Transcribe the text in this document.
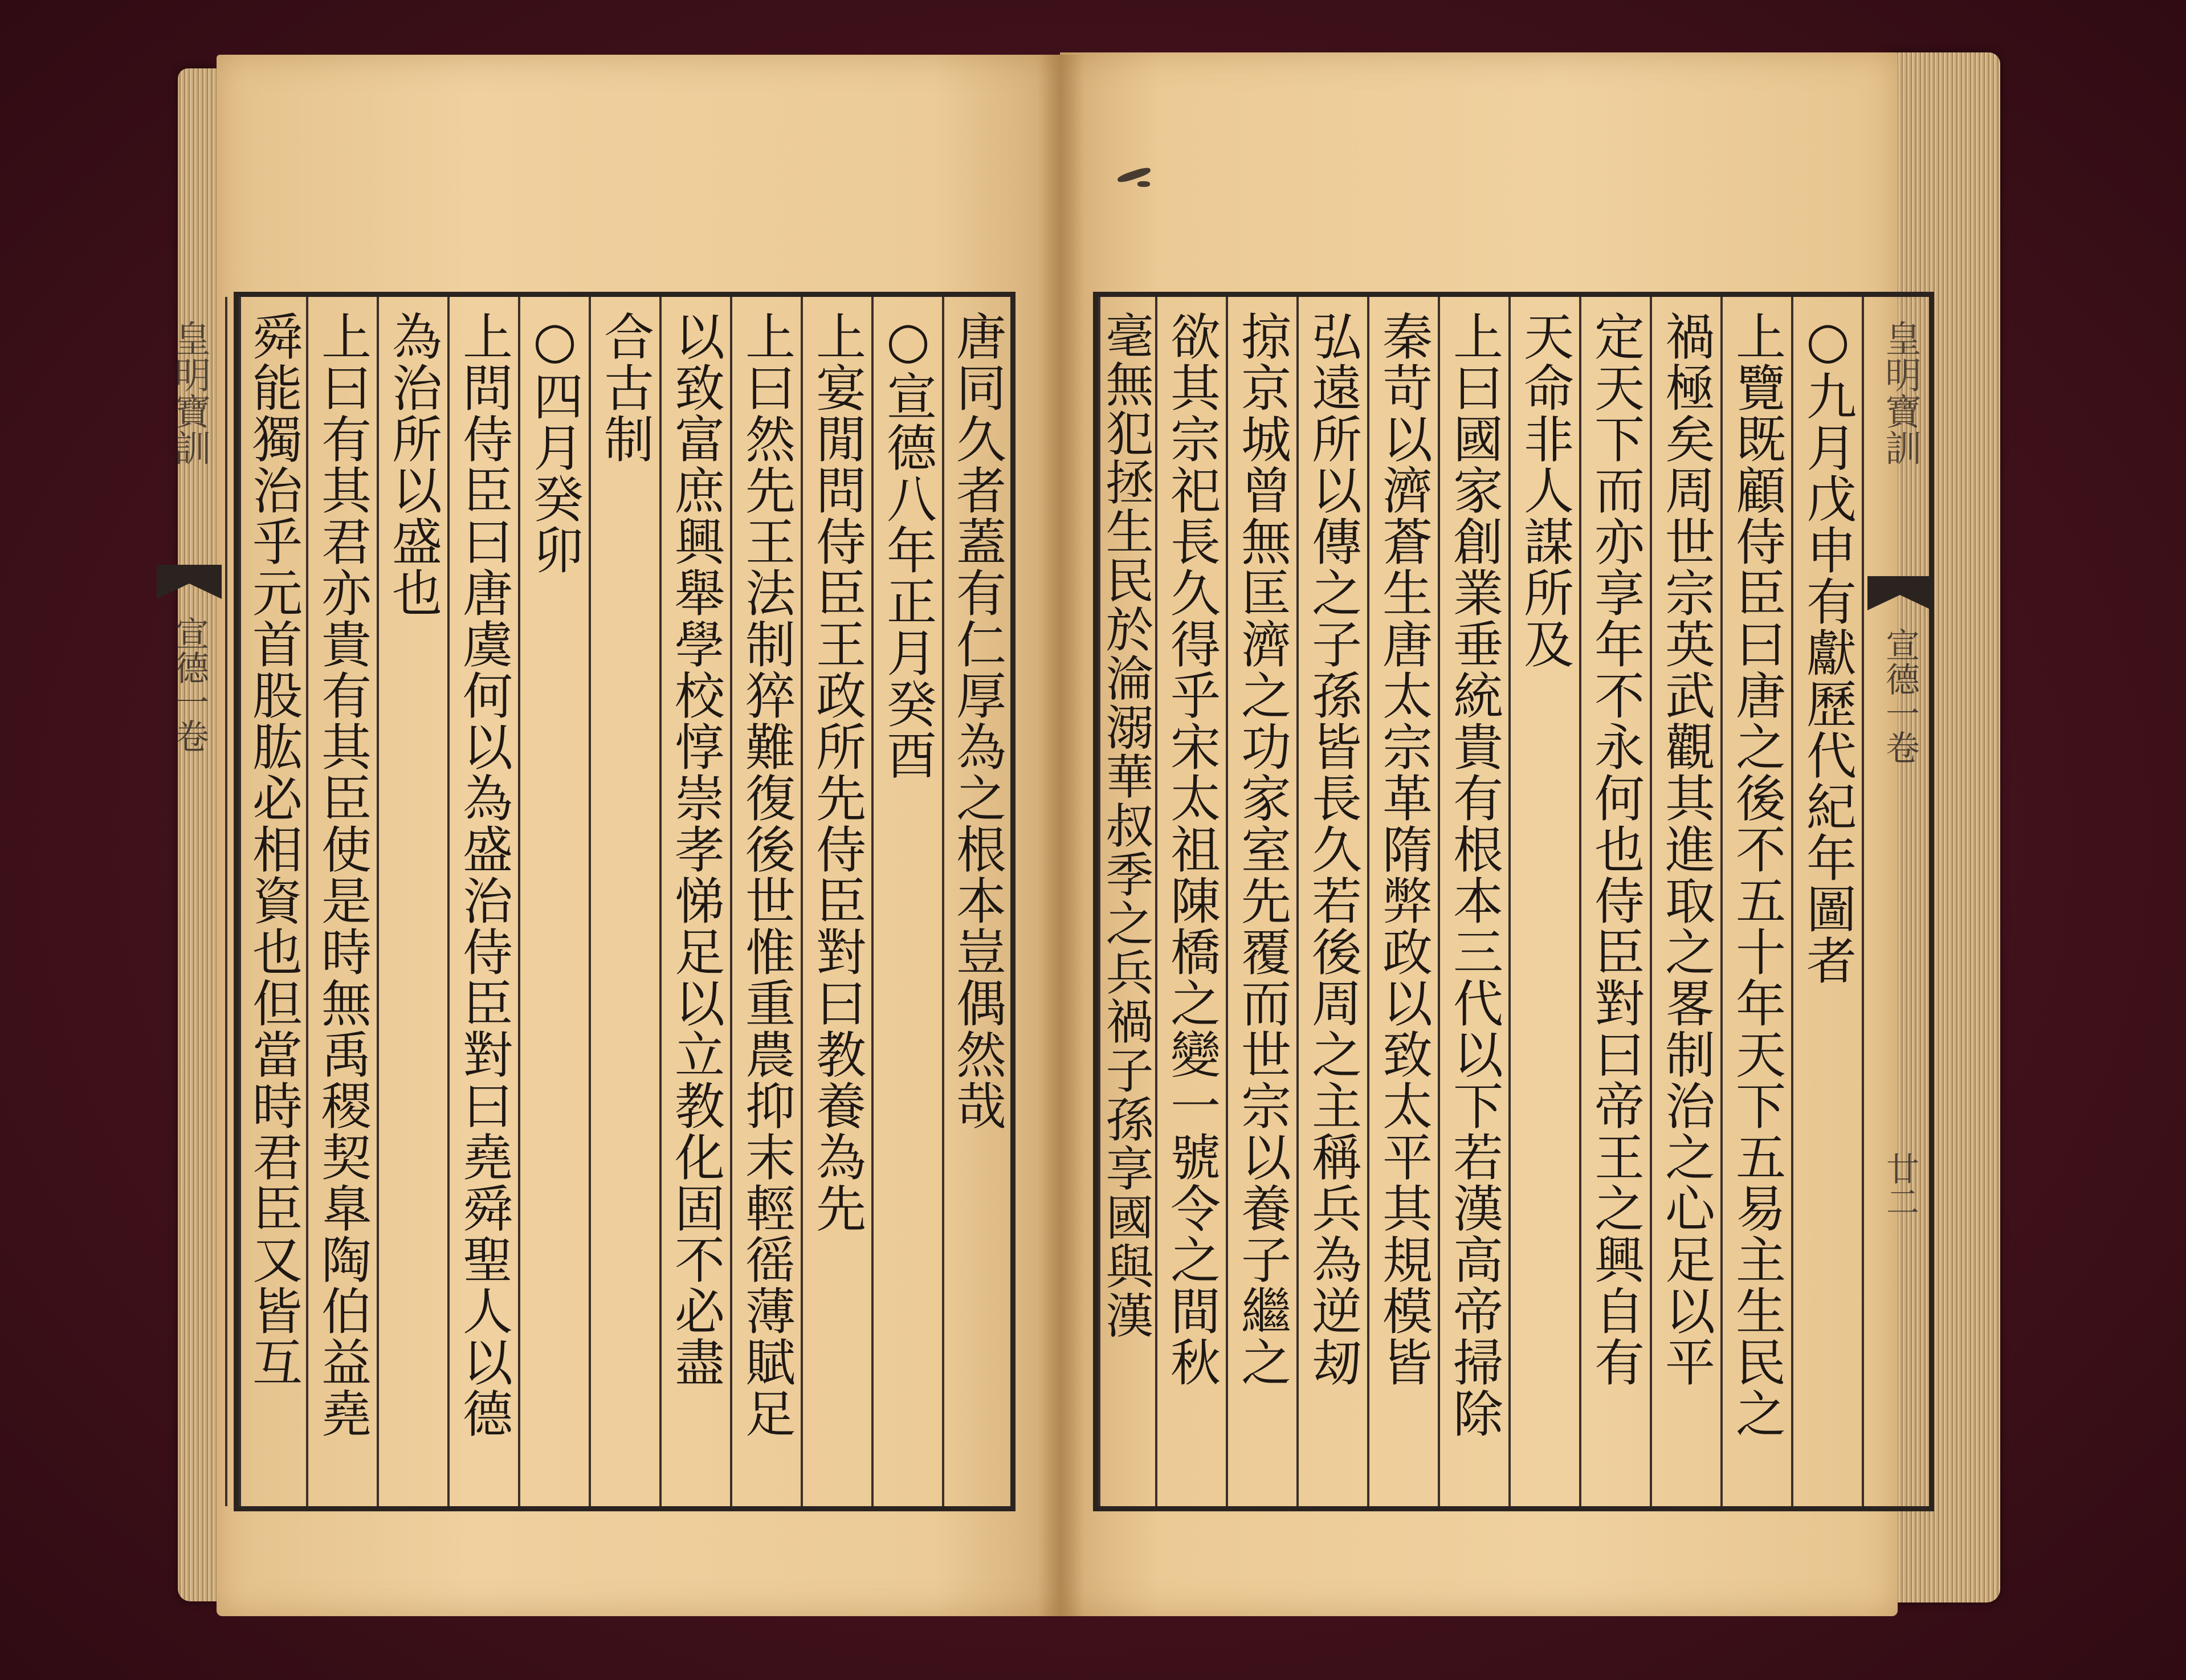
皇明寶訓
宣德一卷	唐同久者蓋有仁厚為之根本豈偶然哉
○宣德八年正月癸酉
上宴閒問侍臣王政所先侍臣對曰教養為先
上曰然先王法制猝難復後世惟重農抑末輕徭薄賦足
以致富庶興舉學校惇崇孝悌足以立教化固不必盡
合古制
○四月癸卯
上問侍臣曰唐虞何以為盛治侍臣對曰堯舜聖人以德
為治所以盛也
上曰有其君亦貴有其臣使是時無禹稷契臯陶伯益堯
舜能獨治乎元首股肱必相資也但當時君臣又皆互	皇明寶訓
宣德一卷
廿二
○九月戊申有獻歷代紀年圖者
上覽既顧侍臣曰唐之後不五十年天下五易主生民之
禍極矣周世宗英武觀其進取之畧制治之心足以平
定天下而亦享年不永何也侍臣對曰帝王之興自有
天命非人謀所及
上曰國家創業垂統貴有根本三代以下若漢高帝掃除
秦苛以濟蒼生唐太宗革隋弊政以致太平其規模皆
弘遠所以傳之子孫皆長久若後周之主稱兵為逆刼
掠京城曾無匡濟之功家室先覆而世宗以養子繼之
欲其宗祀長久得乎宋太祖陳橋之變一號令之間秋
毫無犯拯生民於淪溺華叔季之兵禍子孫享國與漢
